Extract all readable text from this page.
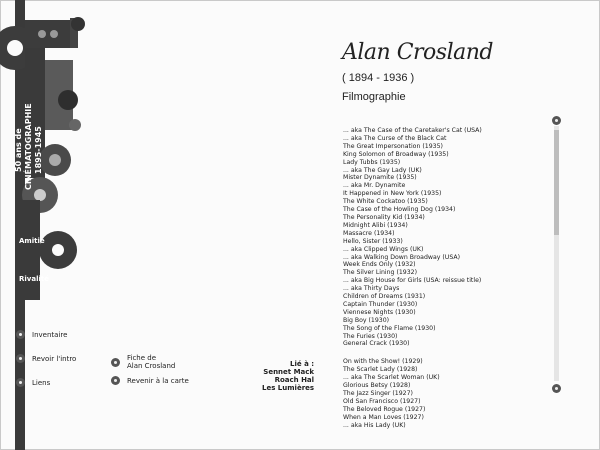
50 ans de CINÉMATOGRAPHIE 1895-1945
Amitié
Rivalité
Inventaire
Revoir l'intro
Liens
Fiche de
Alan Crosland
Revenir à la carte
Lié à :
Sennet Mack
Roach Hal
Les Lumières
Alan Crosland
( 1894 - 1936 )
Filmographie
... aka The Case of the Caretaker's Cat (USA)
... aka The Curse of the Black Cat
The Great Impersonation (1935)
King Solomon of Broadway (1935)
Lady Tubbs (1935)
... aka The Gay Lady (UK)
Mister Dynamite (1935)
... aka Mr. Dynamite
It Happened in New York (1935)
The White Cockatoo (1935)
The Case of the Howling Dog (1934)
The Personality Kid (1934)
Midnight Alibi (1934)
Massacre (1934)
Hello, Sister (1933)
... aka Clipped Wings (UK)
... aka Walking Down Broadway (USA)
Week Ends Only (1932)
The Silver Lining (1932)
... aka Big House for Girls (USA: reissue title)
... aka Thirty Days
Children of Dreams (1931)
Captain Thunder (1930)
Viennese Nights (1930)
Big Boy (1930)
The Song of the Flame (1930)
The Furies (1930)
General Crack (1930)
On with the Show! (1929)
The Scarlet Lady (1928)
... aka The Scarlet Woman (UK)
Glorious Betsy (1928)
The Jazz Singer (1927)
Old San Francisco (1927)
The Beloved Rogue (1927)
When a Man Loves (1927)
... aka His Lady (UK)
